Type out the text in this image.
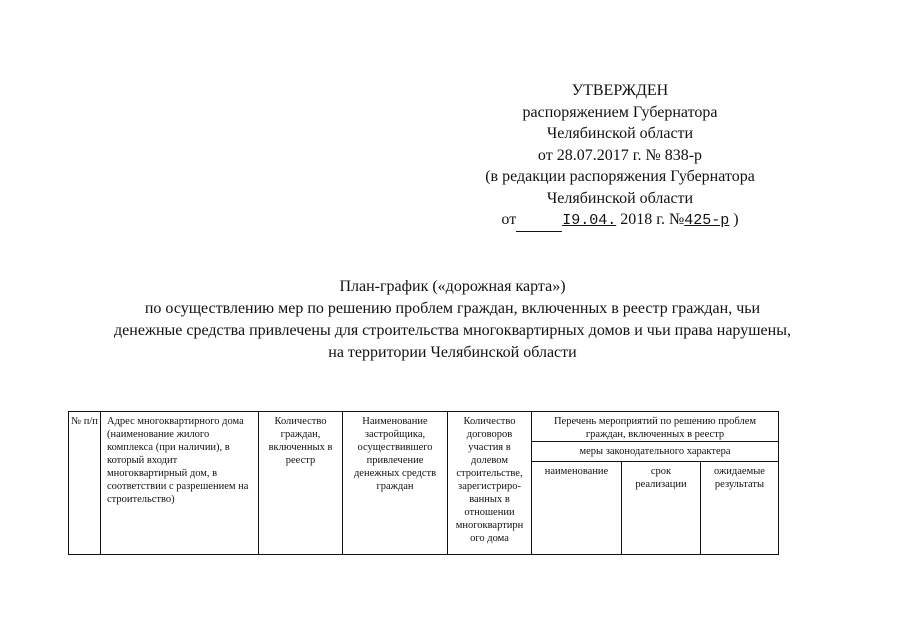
УТВЕРЖДЕН
распоряжением Губернатора
Челябинской области
от 28.07.2017 г. № 838-р
(в редакции распоряжения Губернатора
Челябинской области
от	I9.04. 2018 г. №425-р )
План-график («дорожная карта»)
по осуществлению мер по решению проблем граждан, включенных в реестр граждан, чьи
денежные средства привлечены для строительства многоквартирных домов и чьи права нарушены,
на территории Челябинской области
№ п/п	Адрес многоквартирного дома (наименование жилого комплекса (при наличии), в который входит многоквартирный дом, в соответствии с разрешением на строительство)	Количество граждан, включенных в реестр	Наименование застройщика, осуществившего привлечение денежных средств граждан	Количество договоров участия в долевом строительстве, зарегистриро-ванных в отношении многоквартирн ого дома	Перечень мероприятий по решению проблем граждан, включенных в реестр		
					меры законодательного характера		
					наименование	срок реализации	ожидаемые результаты
